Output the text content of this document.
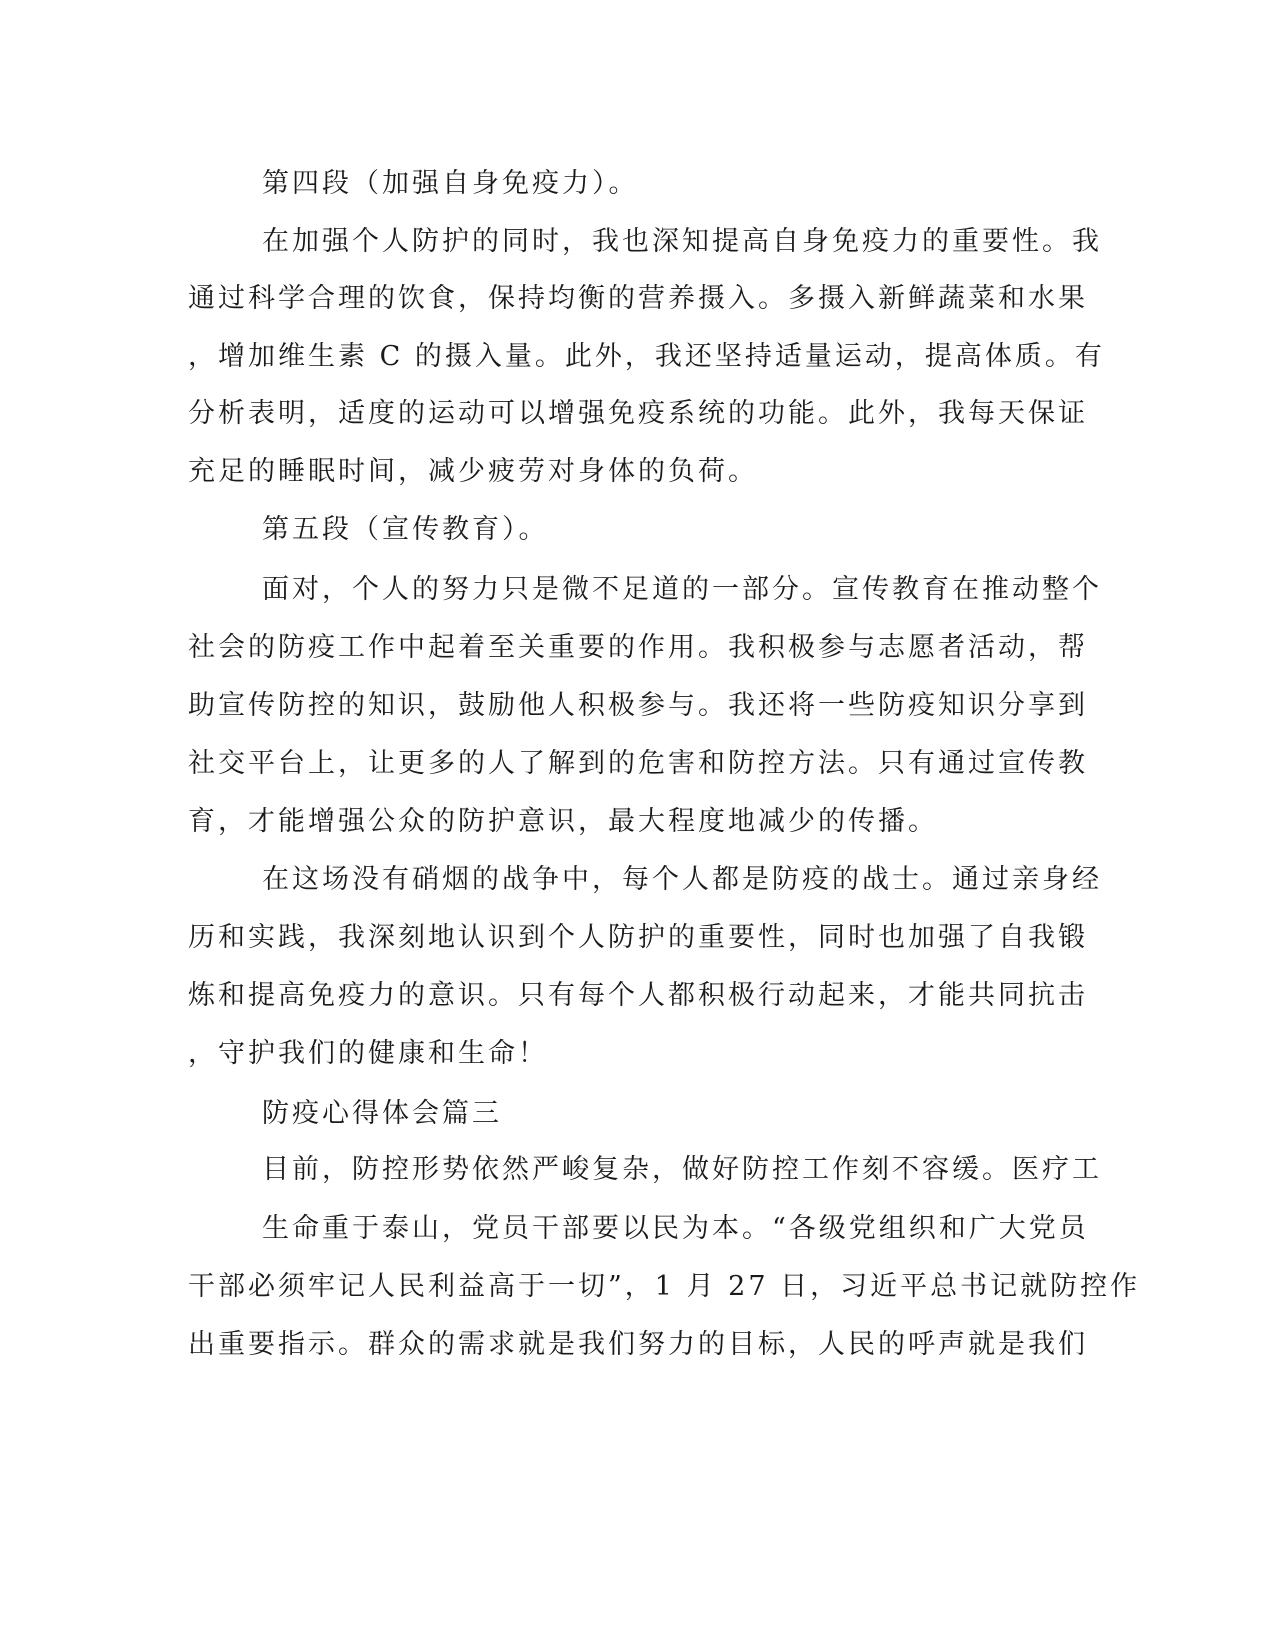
第四段（加强自身免疫力）。
在加强个人防护的同时，我也深知提高自身免疫力的重要性。我
通过科学合理的饮食，保持均衡的营养摄入。多摄入新鲜蔬菜和水果
，增加维生素 C 的摄入量。此外，我还坚持适量运动，提高体质。有
分析表明，适度的运动可以增强免疫系统的功能。此外，我每天保证
充足的睡眠时间，减少疲劳对身体的负荷。
第五段（宣传教育）。
面对，个人的努力只是微不足道的一部分。宣传教育在推动整个
社会的防疫工作中起着至关重要的作用。我积极参与志愿者活动，帮
助宣传防控的知识，鼓励他人积极参与。我还将一些防疫知识分享到
社交平台上，让更多的人了解到的危害和防控方法。只有通过宣传教
育，才能增强公众的防护意识，最大程度地减少的传播。
在这场没有硝烟的战争中，每个人都是防疫的战士。通过亲身经
历和实践，我深刻地认识到个人防护的重要性，同时也加强了自我锻
炼和提高免疫力的意识。只有每个人都积极行动起来，才能共同抗击
，守护我们的健康和生命！
防疫心得体会篇三
目前，防控形势依然严峻复杂，做好防控工作刻不容缓。医疗工
生命重于泰山，党员干部要以民为本。“各级党组织和广大党员
干部必须牢记人民利益高于一切”，1 月 27 日，习近平总书记就防控作
出重要指示。群众的需求就是我们努力的目标，人民的呼声就是我们
